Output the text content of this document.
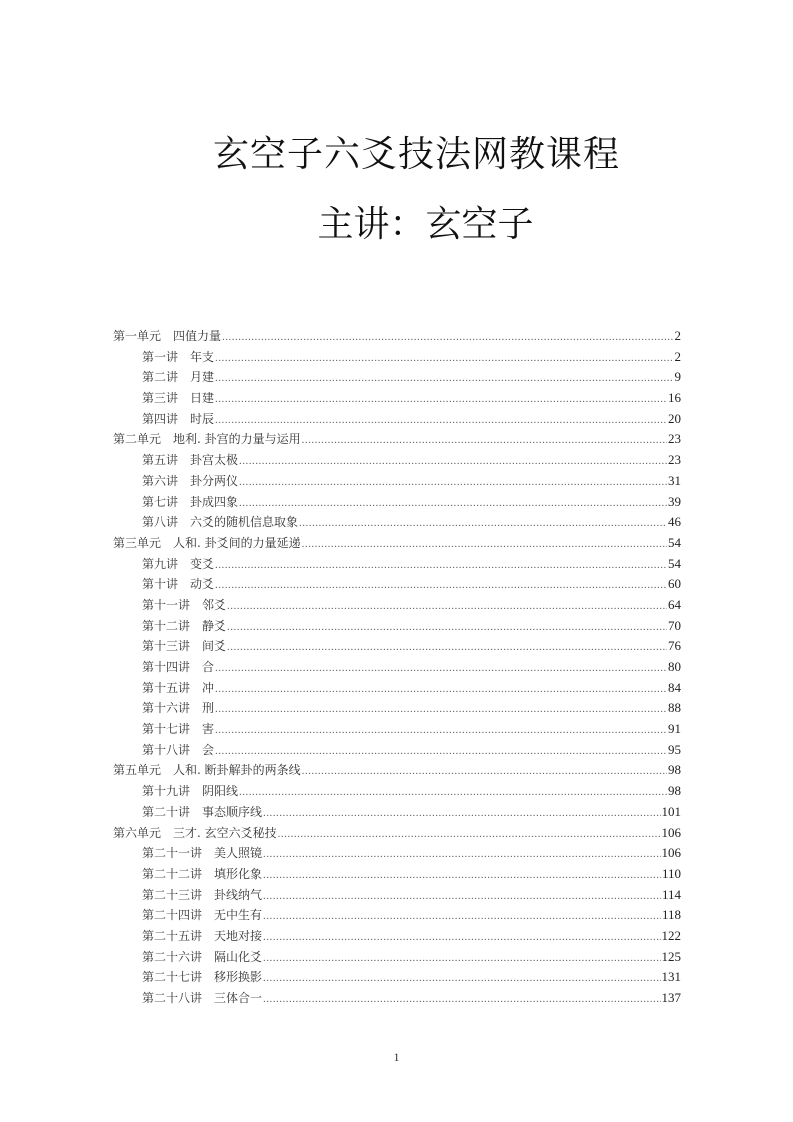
玄空子六爻技法网教课程
主讲：玄空子
第一单元 四值力量 .....	2
第一讲 年支 .....	2
第二讲 月建 .....	9
第三讲 日建 .....	16
第四讲 时辰 .....	20
第二单元 地利. 卦宫的力量与运用 .....	23
第五讲 卦宫太极 .....	23
第六讲 卦分两仪 .....	31
第七讲 卦成四象 .....	39
第八讲 六爻的随机信息取象 .....	46
第三单元 人和. 卦爻间的力量延递 .....	54
第九讲 变爻 .....	54
第十讲 动爻 .....	60
第十一讲 邻爻 .....	64
第十二讲 静爻 .....	70
第十三讲 间爻 .....	76
第十四讲 合 .....	80
第十五讲 冲 .....	84
第十六讲 刑 .....	88
第十七讲 害 .....	91
第十八讲 会 .....	95
第五单元 人和. 断卦解卦的两条线 .....	98
第十九讲 阴阳线 .....	98
第二十讲 事态顺序线 .....	101
第六单元 三才. 玄空六爻秘技 .....	106
第二十一讲 美人照镜 .....	106
第二十二讲 填形化象 .....	110
第二十三讲 卦线纳气 .....	114
第二十四讲 无中生有 .....	118
第二十五讲 天地对接 .....	122
第二十六讲 隔山化爻 .....	125
第二十七讲 移形换影 .....	131
第二十八讲 三体合一 .....	137
1
